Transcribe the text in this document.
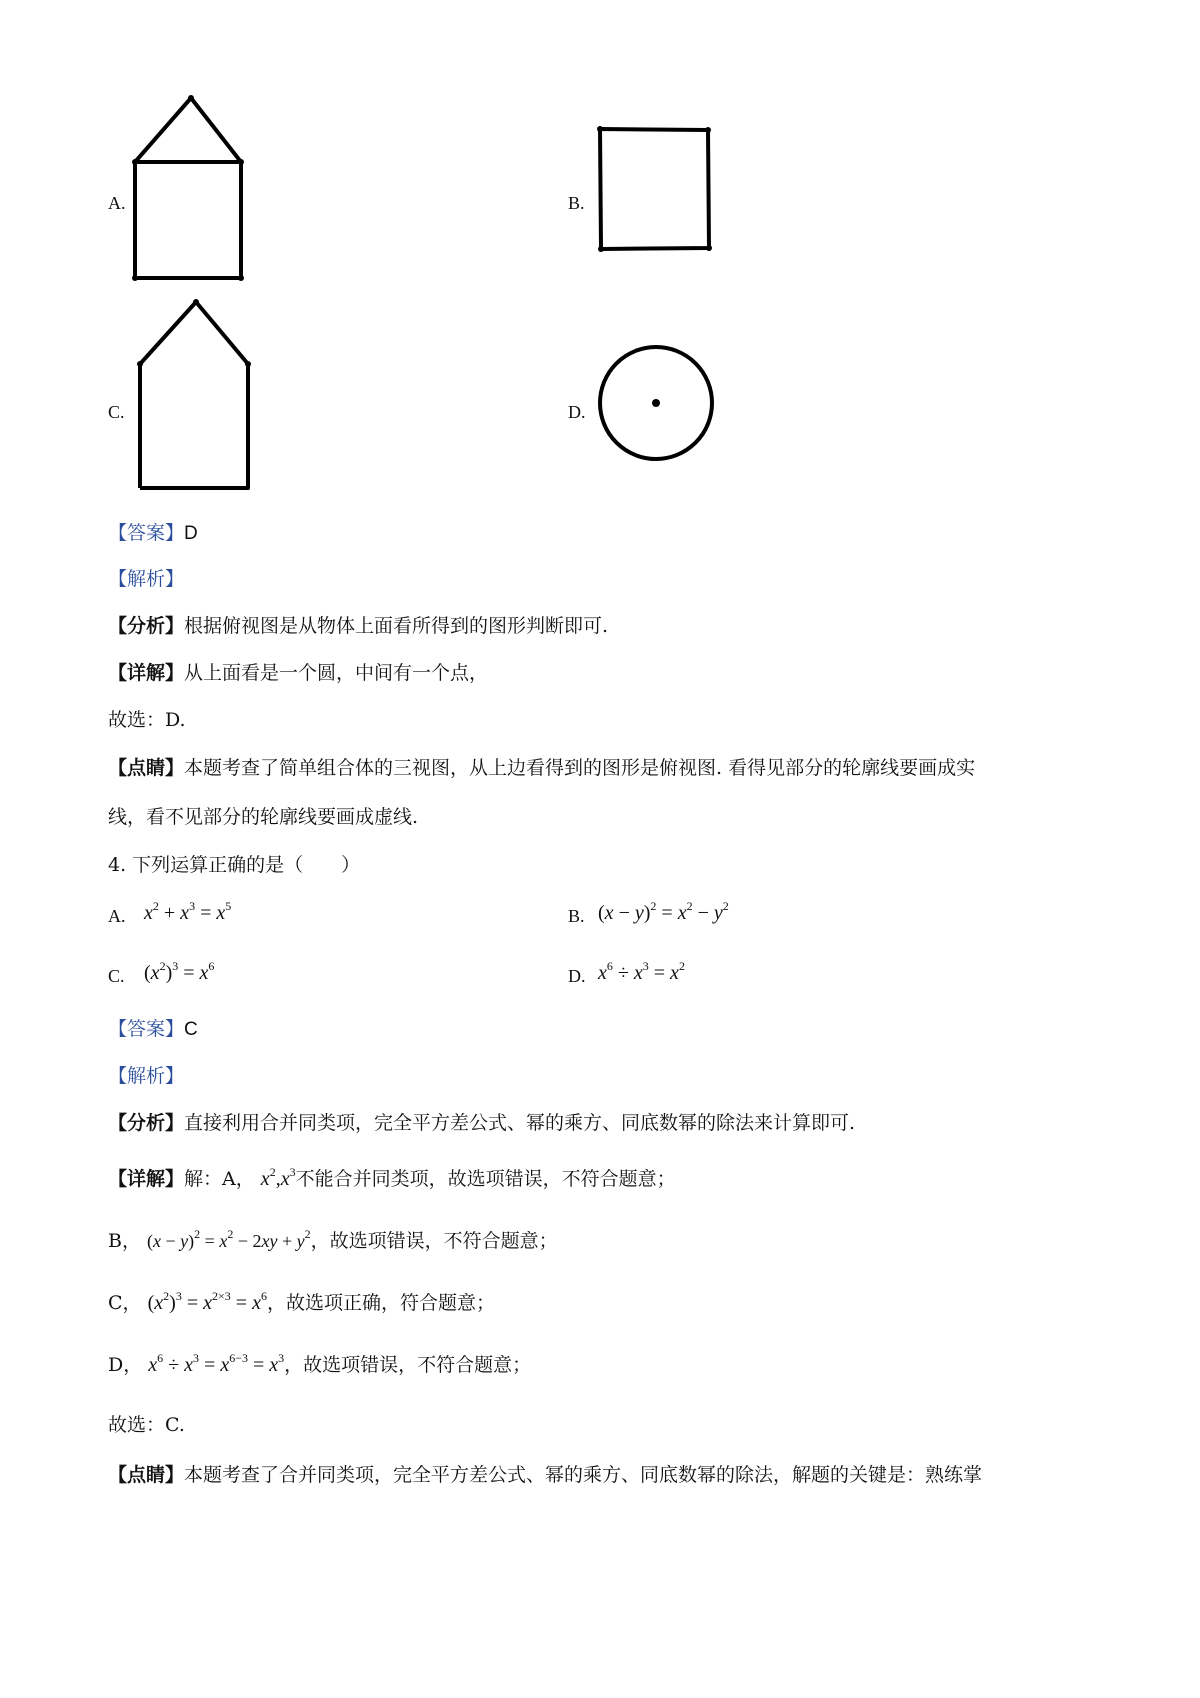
A.	B.
C.	D.
【答案】D
【解析】
【分析】根据俯视图是从物体上面看所得到的图形判断即可.
【详解】从上面看是一个圆，中间有一个点，
故选：D.
【点睛】本题考查了简单组合体的三视图，从上边看得到的图形是俯视图. 看得见部分的轮廓线要画成实
线，看不见部分的轮廓线要画成虚线.
4. 下列运算正确的是（　　）
A. $x^2 + x^3 = x^5$	B. $(x - y)^2 = x^2 - y^2$
C. $(x^2)^3 = x^6$	D. $x^6 \div x^3 = x^2$
【答案】C
【解析】
【分析】直接利用合并同类项，完全平方差公式、幂的乘方、同底数幂的除法来计算即可.
【详解】解：A， $x^2,x^3$不能合并同类项，故选项错误，不符合题意；
B， $(x - y)^2 = x^2 - 2xy + y^2$，故选项错误，不符合题意；
C， $(x^2)^3 = x^{2\times 3} = x^6$，故选项正确，符合题意；
D， $x^6 \div x^3 = x^{6-3} = x^3$，故选项错误，不符合题意；
故选：C.
【点睛】本题考查了合并同类项，完全平方差公式、幂的乘方、同底数幂的除法，解题的关键是：熟练掌
